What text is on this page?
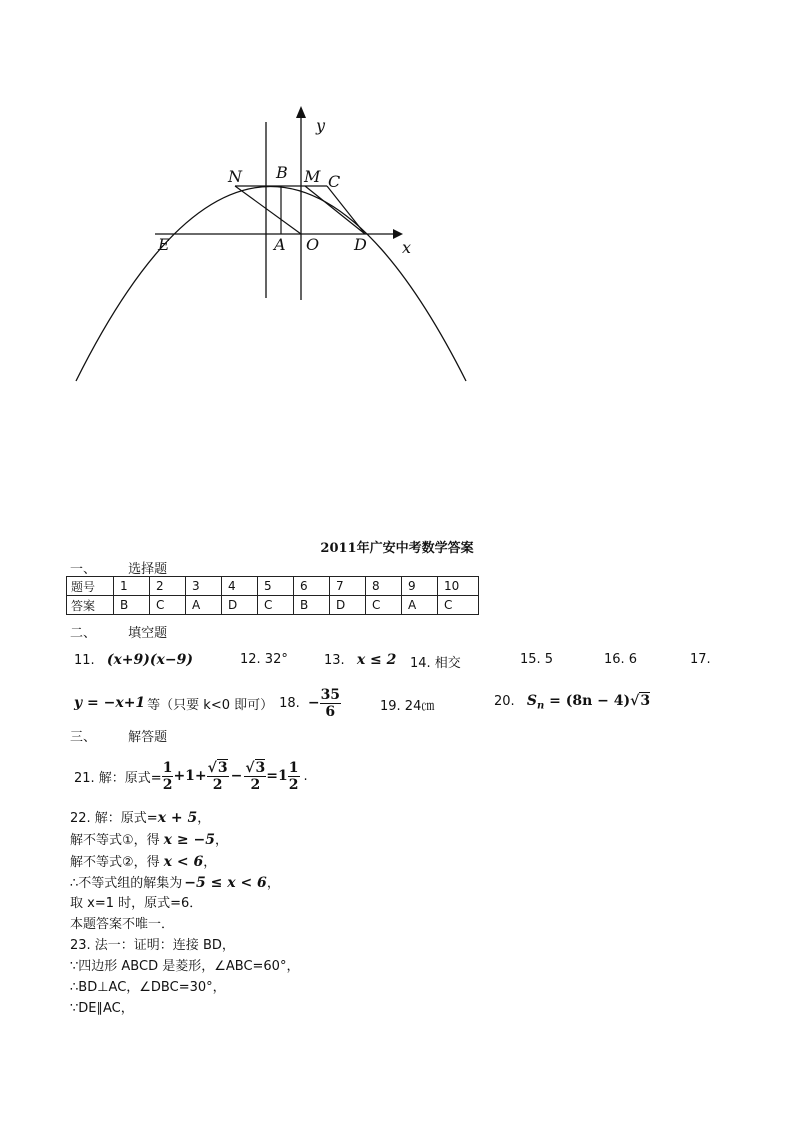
y
N B M C
E	A O D x
2011年广安中考数学答案
一、 选择题
题号	1	2	3	4	5	6	7	8	9	10
答案	B	C	A	D	C	B	D	C	A	C
二、 填空题
11. (x+9)(x−9)	12. 32°	13. x ≤ 2 14. 相交	15. 5	16. 6	17.
y = −x+1 等（只要 k<0 即可） 18. − $\frac{35}{6}$	19. 24㎝	20. $S_n = (8n - 4)√3$
三、 解答题
21. 解：原式= $\frac{1}{2} +1+ \frac{√3}{2} - \frac{√3}{2} =1 \frac{1}{2}$ .
22. 解：原式=x + 5，
解不等式①，得 x ≥ −5，
解不等式②，得 x < 6，
∴不等式组的解集为 −5 ≤ x < 6，
取 x=1 时，原式=6．
本题答案不唯一．
23. 法一：证明：连接 BD，
∵四边形 ABCD 是菱形，∠ABC=60°，
∴BD⊥AC，∠DBC=30°，
∵DE∥AC，
